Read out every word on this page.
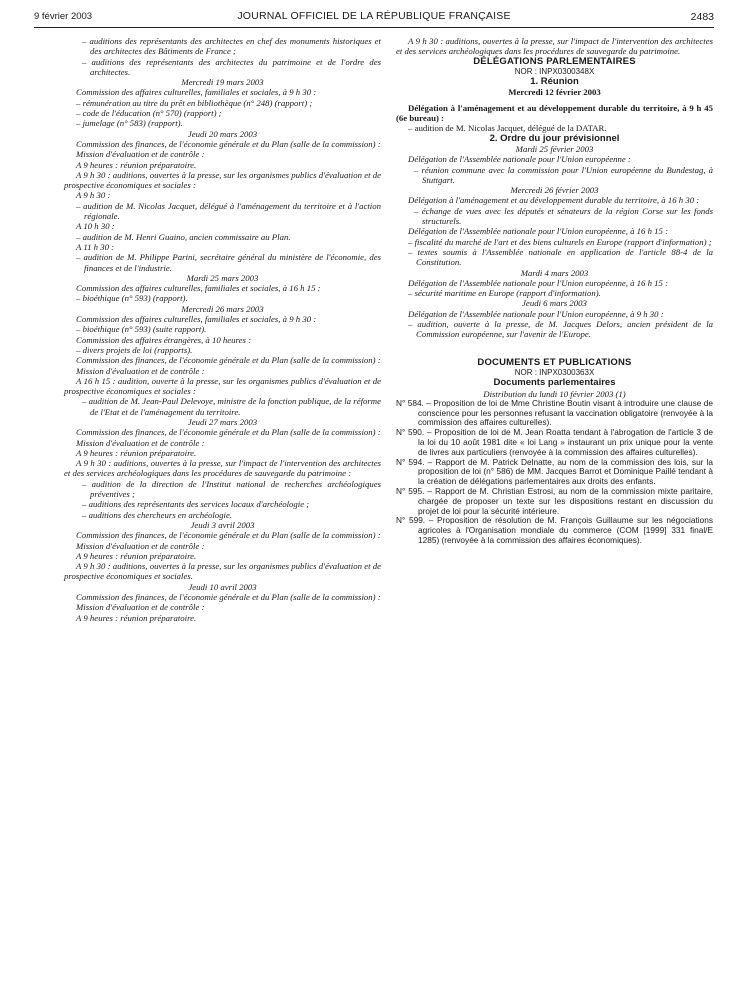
9 février 2003	JOURNAL OFFICIEL DE LA RÉPUBLIQUE FRANÇAISE	2483

– auditions des représentants des architectes en chef des monuments historiques et des architectes des Bâtiments de France ;

– auditions des représentants des architectes du patrimoine et de l'ordre des architectes.

Mercredi 19 mars 2003

Commission des affaires culturelles, familiales et sociales, à 9 h 30 :

– rémunération au titre du prêt en bibliothèque (n° 248) (rapport) ;

– code de l'éducation (n° 570) (rapport) ;

– jumelage (n° 583) (rapport).

Jeudi 20 mars 2003

Commission des finances, de l'économie générale et du Plan (salle de la commission) :

Mission d'évaluation et de contrôle :

A 9 heures : réunion préparatoire.

A 9 h 30 : auditions, ouvertes à la presse, sur les organismes publics d'évaluation et de prospective économiques et sociales :

A 9 h 30 :

– audition de M. Nicolas Jacquet, délégué à l'aménagement du territoire et à l'action régionale.

A 10 h 30 :

– audition de M. Henri Guaino, ancien commissaire au Plan.

A 11 h 30 :

– audition de M. Philippe Parini, secrétaire général du ministère de l'économie, des finances et de l'industrie.

Mardi 25 mars 2003

Commission des affaires culturelles, familiales et sociales, à 16 h 15 :

– bioéthique (n° 593) (rapport).

Mercredi 26 mars 2003

Commission des affaires culturelles, familiales et sociales, à 9 h 30 :

– bioéthique (n° 593) (suite rapport).

Commission des affaires étrangères, à 10 heures :

– divers projets de loi (rapports).

Commission des finances, de l'économie générale et du Plan (salle de la commission) :

Mission d'évaluation et de contrôle :

A 16 h 15 : audition, ouverte à la presse, sur les organismes publics d'évaluation et de prospective économiques et sociales :

– audition de M. Jean-Paul Delevoye, ministre de la fonction publique, de la réforme de l'Etat et de l'aménagement du territoire.

Jeudi 27 mars 2003

Commission des finances, de l'économie générale et du Plan (salle de la commission) :

Mission d'évaluation et de contrôle :

A 9 heures : réunion préparatoire.

A 9 h 30 : auditions, ouvertes à la presse, sur l'impact de l'intervention des architectes et des services archéologiques dans les procédures de sauvegarde du patrimoine :

– audition de la direction de l'Institut national de recherches archéologiques préventives ;

– auditions des représentants des services locaux d'archéologie ;

– auditions des chercheurs en archéologie.

Jeudi 3 avril 2003

Commission des finances, de l'économie générale et du Plan (salle de la commission) :

Mission d'évaluation et de contrôle :

A 9 heures : réunion préparatoire.

A 9 h 30 : auditions, ouvertes à la presse, sur les organismes publics d'évaluation et de prospective économiques et sociales.

Jeudi 10 avril 2003

Commission des finances, de l'économie générale et du Plan (salle de la commission) :

Mission d'évaluation et de contrôle :

A 9 heures : réunion préparatoire.

A 9 h 30 : auditions, ouvertes à la presse, sur l'impact de l'intervention des architectes et des services archéologiques dans les procédures de sauvegarde du patrimoine.

DÉLÉGATIONS PARLEMENTAIRES

NOR : INPX0300348X

1. Réunion

Mercredi 12 février 2003

Délégation à l'aménagement et au développement durable du territoire, à 9 h 45 (6e bureau) :

– audition de M. Nicolas Jacquet, délégué de la DATAR.

2. Ordre du jour prévisionnel

Mardi 25 février 2003

Délégation de l'Assemblée nationale pour l'Union européenne :

– réunion commune avec la commission pour l'Union européenne du Bundestag, à Stuttgart.

Mercredi 26 février 2003

Délégation à l'aménagement et au développement durable du territoire, à 16 h 30 :

– échange de vues avec les députés et sénateurs de la région Corse sur les fonds structurels.

Délégation de l'Assemblée nationale pour l'Union européenne, à 16 h 15 :

– fiscalité du marché de l'art et des biens culturels en Europe (rapport d'information) ;

– textes soumis à l'Assemblée nationale en application de l'article 88-4 de la Constitution.

Mardi 4 mars 2003

Délégation de l'Assemblée nationale pour l'Union européenne, à 16 h 15 :

– sécurité maritime en Europe (rapport d'information).

Jeudi 6 mars 2003

Délégation de l'Assemblée nationale pour l'Union européenne, à 9 h 30 :

– audition, ouverte à la presse, de M. Jacques Delors, ancien président de la Commission européenne, sur l'avenir de l'Europe.

DOCUMENTS ET PUBLICATIONS

NOR : INPX0300363X

Documents parlementaires

Distribution du lundi 10 février 2003 (1)

N° 584. – Proposition de loi de Mme Christine Boutin visant à introduire une clause de conscience pour les personnes refusant la vaccination obligatoire (renvoyée à la commission des affaires culturelles).

N° 590. – Proposition de loi de M. Jean Roatta tendant à l'abrogation de l'article 3 de la loi du 10 août 1981 dite « loi Lang » instaurant un prix unique pour la vente de livres aux particuliers (renvoyée à la commission des affaires culturelles).

N° 594. – Rapport de M. Patrick Delnatte, au nom de la commission des lois, sur la proposition de loi (n° 586) de MM. Jacques Barrot et Dominique Paillé tendant à la création de délégations parlementaires aux droits des enfants.

N° 595. – Rapport de M. Christian Estrosi, au nom de la commission mixte paritaire, chargée de proposer un texte sur les dispositions restant en discussion du projet de loi pour la sécurité intérieure.

N° 599. – Proposition de résolution de M. François Guillaume sur les négociations agricoles à l'Organisation mondiale du commerce (COM [1999] 331 final/E 1285) (renvoyée à la commission des affaires économiques).
